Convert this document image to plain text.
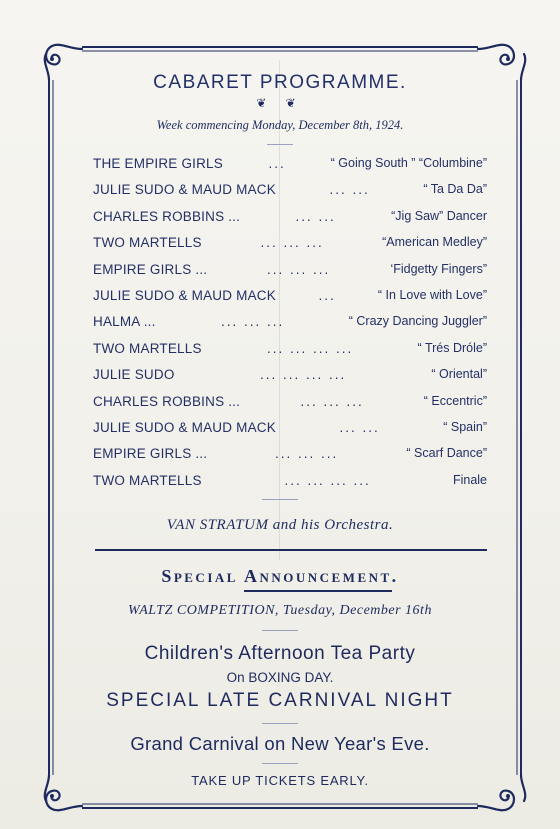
CABARET PROGRAMME.
❦ ❦
Week commencing Monday, December 8th, 1924.
THE EMPIRE GIRLS	...	“ Going South ” “Columbine”
JULIE SUDO & MAUD MACK	... ...	“ Ta Da Da”
CHARLES ROBBINS ...	... ...	“Jig Saw” Dancer
TWO MARTELLS	... ... ...	“American Medley”
EMPIRE GIRLS ...	... ... ...	‘Fidgetty Fingers”
JULIE SUDO & MAUD MACK	...	“ In Love with Love”
HALMA ...	... ... ...	“ Crazy Dancing Juggler”
TWO MARTELLS	... ... ... ...	“ Trés Dróle”
JULIE SUDO	... ... ... ...	“ Oriental”
CHARLES ROBBINS ...	... ... ...	“ Eccentric”
JULIE SUDO & MAUD MACK	... ...	“ Spain”
EMPIRE GIRLS ...	... ... ...	“ Scarf Dance”
TWO MARTELLS	... ... ... ...	Finale
VAN STRATUM and his Orchestra.
Special Announcement.
WALTZ COMPETITION, Tuesday, December 16th
Children's Afternoon Tea Party
On BOXING DAY.
SPECIAL LATE CARNIVAL NIGHT
Grand Carnival on New Year's Eve.
TAKE UP TICKETS EARLY.
